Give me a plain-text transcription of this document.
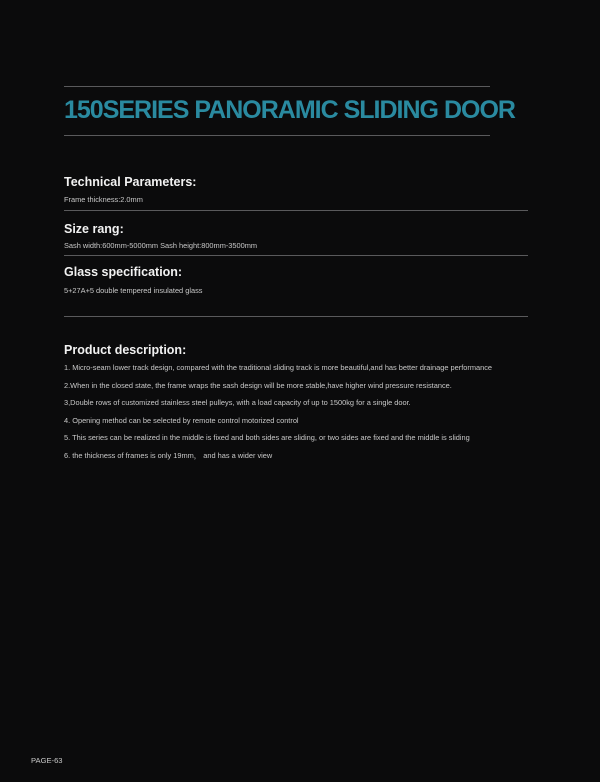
150SERIES PANORAMIC SLIDING DOOR
Technical Parameters:

Frame thickness:2.0mm

Size rang:

Sash width:600mm-5000mm Sash height:800mm-3500mm

Glass specification:

5+27A+5 double tempered insulated glass

Product description:

1. Micro-seam lower track design, compared with the traditional sliding track is more beautiful,and has better drainage performance

2.When in the closed state, the frame wraps the sash design will be more stable,have higher wind pressure resistance.

3,Double rows of customized stainless steel pulleys, with a load capacity of up to 1500kg for a single door.

4. Opening method can be selected by remote control motorized control

5. This series can be realized in the middle is fixed and both sides are sliding, or two sides are fixed and the middle is sliding

6. the thickness of frames is only 19mm， and has a wider view

PAGE-63
